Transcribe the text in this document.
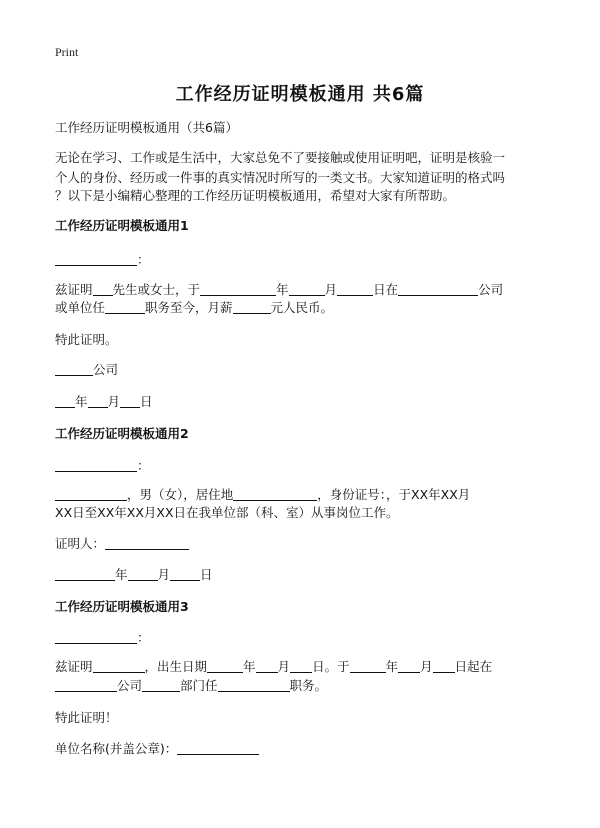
Print
工作经历证明模板通用 共6篇

工作经历证明模板通用（共6篇）

无论在学习、工作或是生活中，大家总免不了要接触或使用证明吧，证明是核验一

个人的身份、经历或一件事的真实情况时所写的一类文书。大家知道证明的格式吗

？以下是小编精心整理的工作经历证明模板通用，希望对大家有所帮助。

工作经历证明模板通用1

：

兹证明 先生或女士，于	年	月	日在	公司

或单位任	职务至今，月薪	元人民币。

特此证明。

公司

年 月 日

工作经历证明模板通用2

：

，男（女），居住地	，身份证号：，于XX年XX月

XX日至XX年XX月XX日在我单位部（科、室）从事岗位工作。

证明人：

年 月 日

工作经历证明模板通用3

：

兹证明	，出生日期	年 月 日。于	年 月 日起在

公司	部门任	职务。

特此证明！

单位名称(并盖公章)：
